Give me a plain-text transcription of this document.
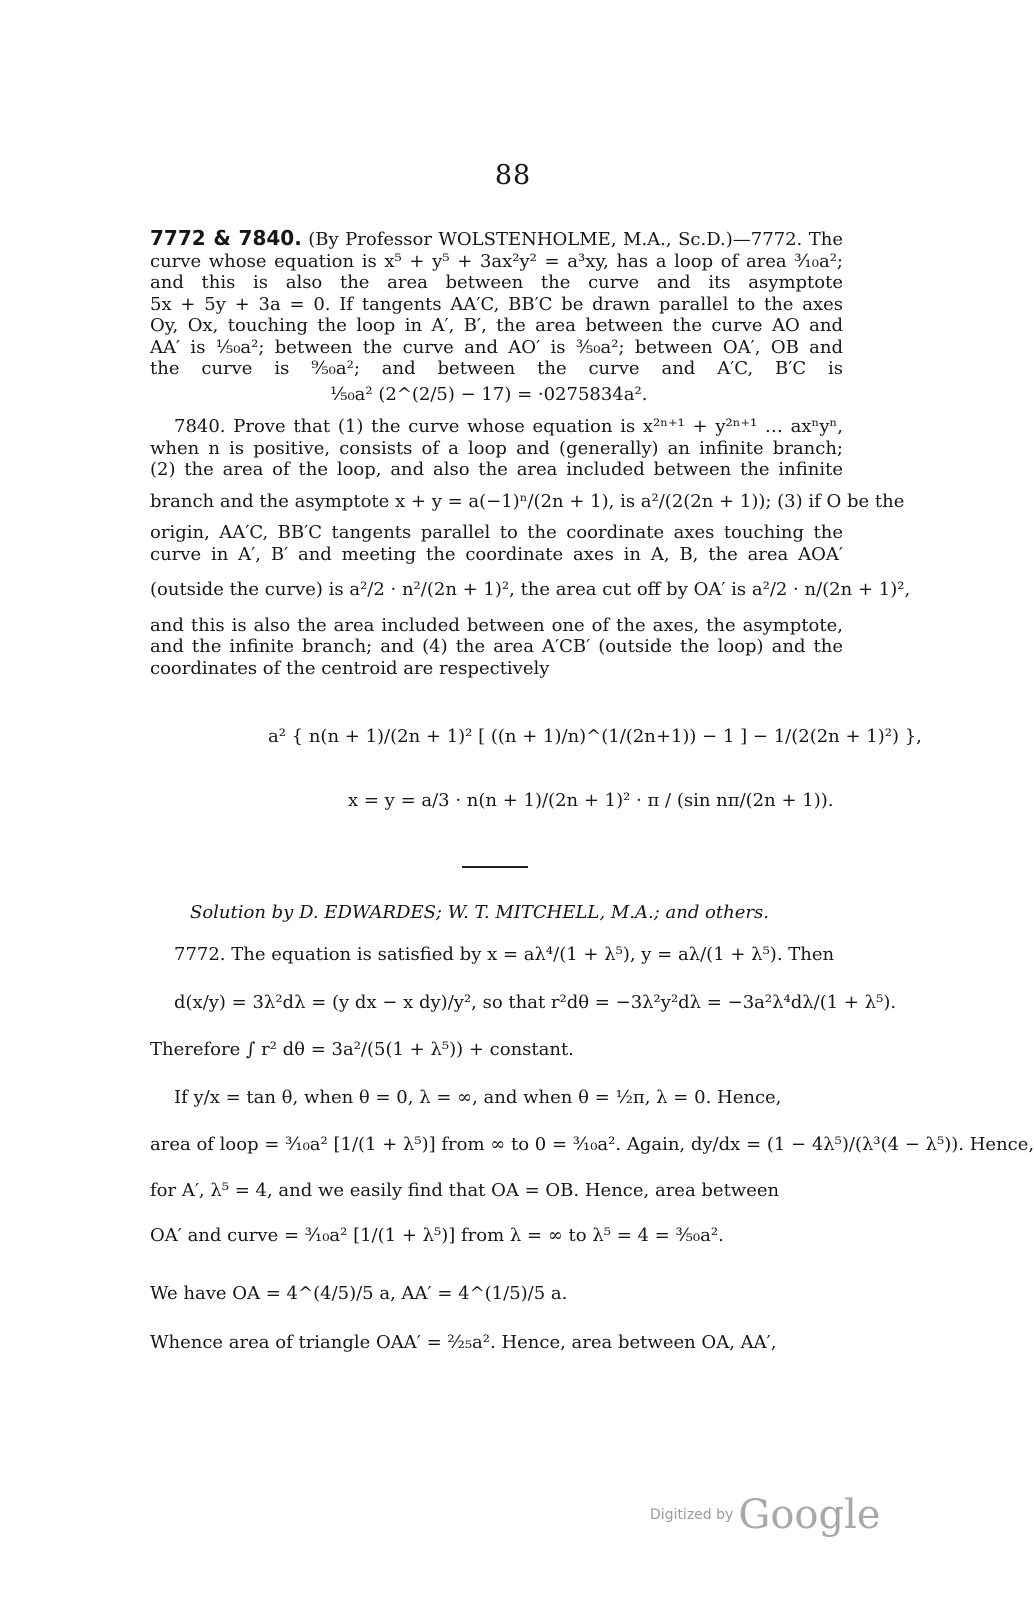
88
7772 & 7840. (By Professor WOLSTENHOLME, M.A., Sc.D.)—7772. The
curve whose equation is x⁵ + y⁵ + 3ax²y² = a³xy, has a loop of area ³⁄₁₀a²;
and this is also the area between the curve and its asymptote
5x + 5y + 3a = 0. If tangents AA′C, BB′C be drawn parallel to the axes
Oy, Ox, touching the loop in A′, B′, the area between the curve AO and
AA′ is ¹⁄₅₀a²; between the curve and AO′ is ³⁄₅₀a²; between OA′, OB and
the curve is ⁹⁄₅₀a²; and between the curve and A′C, B′C is
¹⁄₅₀a² (2^(2/5) − 17) = ·0275834a².
7840. Prove that (1) the curve whose equation is x²ⁿ⁺¹ + y²ⁿ⁺¹ … axⁿyⁿ,
when n is positive, consists of a loop and (generally) an infinite branch;
(2) the area of the loop, and also the area included between the infinite
branch and the asymptote x + y = a(−1)ⁿ/(2n + 1), is a²/(2(2n + 1)); (3) if O be the
origin, AA′C, BB′C tangents parallel to the coordinate axes touching the
curve in A′, B′ and meeting the coordinate axes in A, B, the area AOA′
(outside the curve) is a²/2 · n²/(2n + 1)², the area cut off by OA′ is a²/2 · n/(2n + 1)²,
and this is also the area included between one of the axes, the asymptote,
and the infinite branch; and (4) the area A′CB′ (outside the loop) and the
coordinates of the centroid are respectively
a² { n(n + 1)/(2n + 1)² [ ((n + 1)/n)^(1/(2n+1)) − 1 ] − 1/(2(2n + 1)²) },
x = y = a/3 · n(n + 1)/(2n + 1)² · π / (sin nπ/(2n + 1)).
Solution by D. EDWARDES; W. T. MITCHELL, M.A.; and others.
7772. The equation is satisfied by x = aλ⁴/(1 + λ⁵), y = aλ/(1 + λ⁵). Then
d(x/y) = 3λ²dλ = (y dx − x dy)/y², so that r²dθ = −3λ²y²dλ = −3a²λ⁴dλ/(1 + λ⁵).
Therefore ∫ r² dθ = 3a²/(5(1 + λ⁵)) + constant.
If y/x = tan θ, when θ = 0, λ = ∞, and when θ = ½π, λ = 0. Hence,
area of loop = ³⁄₁₀a² [1/(1 + λ⁵)] from ∞ to 0 = ³⁄₁₀a². Again, dy/dx = (1 − 4λ⁵)/(λ³(4 − λ⁵)). Hence,
for A′, λ⁵ = 4, and we easily find that OA = OB. Hence, area between
OA′ and curve = ³⁄₁₀a² [1/(1 + λ⁵)] from λ = ∞ to λ⁵ = 4 = ³⁄₅₀a².
We have OA = 4^(4/5)/5 a, AA′ = 4^(1/5)/5 a.
Whence area of triangle OAA′ = ²⁄₂₅a². Hence, area between OA, AA′,
Digitized by Google
